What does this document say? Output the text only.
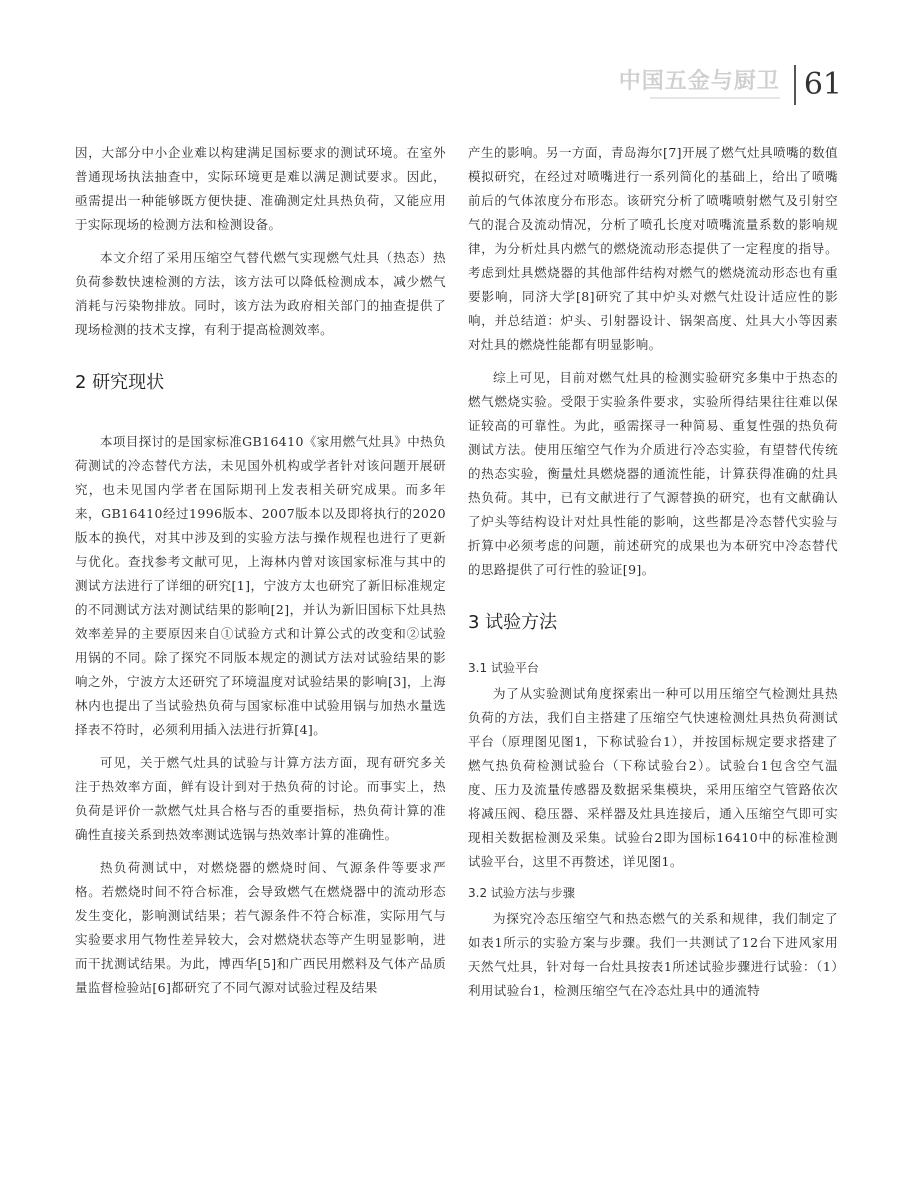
中国五金与厨卫 61

因，大部分中小企业难以构建满足国标要求的测试环境。在室外普通现场执法抽查中，实际环境更是难以满足测试要求。因此，亟需提出一种能够既方便快捷、准确测定灶具热负荷，又能应用于实际现场的检测方法和检测设备。

本文介绍了采用压缩空气替代燃气实现燃气灶具（热态）热负荷参数快速检测的方法，该方法可以降低检测成本，减少燃气消耗与污染物排放。同时，该方法为政府相关部门的抽查提供了现场检测的技术支撑，有利于提高检测效率。

2 研究现状

本项目探讨的是国家标准GB16410《家用燃气灶具》中热负荷测试的冷态替代方法，未见国外机构或学者针对该问题开展研究，也未见国内学者在国际期刊上发表相关研究成果。而多年来，GB16410经过1996版本、2007版本以及即将执行的2020版本的换代，对其中涉及到的实验方法与操作规程也进行了更新与优化。查找参考文献可见，上海林内曾对该国家标准与其中的测试方法进行了详细的研究[1]，宁波方太也研究了新旧标准规定的不同测试方法对测试结果的影响[2]，并认为新旧国标下灶具热效率差异的主要原因来自①试验方式和计算公式的改变和②试验用锅的不同。除了探究不同版本规定的测试方法对试验结果的影响之外，宁波方太还研究了环境温度对试验结果的影响[3]，上海林内也提出了当试验热负荷与国家标准中试验用锅与加热水量选择表不符时，必须利用插入法进行折算[4]。

可见，关于燃气灶具的试验与计算方法方面，现有研究多关注于热效率方面，鲜有设计到对于热负荷的讨论。而事实上，热负荷是评价一款燃气灶具合格与否的重要指标，热负荷计算的准确性直接关系到热效率测试选锅与热效率计算的准确性。

热负荷测试中，对燃烧器的燃烧时间、气源条件等要求严格。若燃烧时间不符合标准，会导致燃气在燃烧器中的流动形态发生变化，影响测试结果；若气源条件不符合标准，实际用气与实验要求用气物性差异较大，会对燃烧状态等产生明显影响，进而干扰测试结果。为此，博西华[5]和广西民用燃料及气体产品质量监督检验站[6]都研究了不同气源对试验过程及结果

产生的影响。另一方面，青岛海尔[7]开展了燃气灶具喷嘴的数值模拟研究，在经过对喷嘴进行一系列简化的基础上，给出了喷嘴前后的气体浓度分布形态。该研究分析了喷嘴喷射燃气及引射空气的混合及流动情况，分析了喷孔长度对喷嘴流量系数的影响规律，为分析灶具内燃气的燃烧流动形态提供了一定程度的指导。考虑到灶具燃烧器的其他部件结构对燃气的燃烧流动形态也有重要影响，同济大学[8]研究了其中炉头对燃气灶设计适应性的影响，并总结道：炉头、引射器设计、锅架高度、灶具大小等因素对灶具的燃烧性能都有明显影响。

综上可见，目前对燃气灶具的检测实验研究多集中于热态的燃气燃烧实验。受限于实验条件要求，实验所得结果往往难以保证较高的可靠性。为此，亟需探寻一种简易、重复性强的热负荷测试方法。使用压缩空气作为介质进行冷态实验，有望替代传统的热态实验，衡量灶具燃烧器的通流性能，计算获得准确的灶具热负荷。其中，已有文献进行了气源替换的研究，也有文献确认了炉头等结构设计对灶具性能的影响，这些都是冷态替代实验与折算中必须考虑的问题，前述研究的成果也为本研究中冷态替代的思路提供了可行性的验证[9]。

3 试验方法
3.1 试验平台

为了从实验测试角度探索出一种可以用压缩空气检测灶具热负荷的方法，我们自主搭建了压缩空气快速检测灶具热负荷测试平台（原理图见图1，下称试验台1），并按国标规定要求搭建了燃气热负荷检测试验台（下称试验台2）。试验台1包含空气温度、压力及流量传感器及数据采集模块，采用压缩空气管路依次将减压阀、稳压器、采样器及灶具连接后，通入压缩空气即可实现相关数据检测及采集。试验台2即为国标16410中的标准检测试验平台，这里不再赘述，详见图1。

3.2 试验方法与步骤

为探究冷态压缩空气和热态燃气的关系和规律，我们制定了如表1所示的实验方案与步骤。我们一共测试了12台下进风家用天然气灶具，针对每一台灶具按表1所述试验步骤进行试验：（1）利用试验台1，检测压缩空气在冷态灶具中的通流特
